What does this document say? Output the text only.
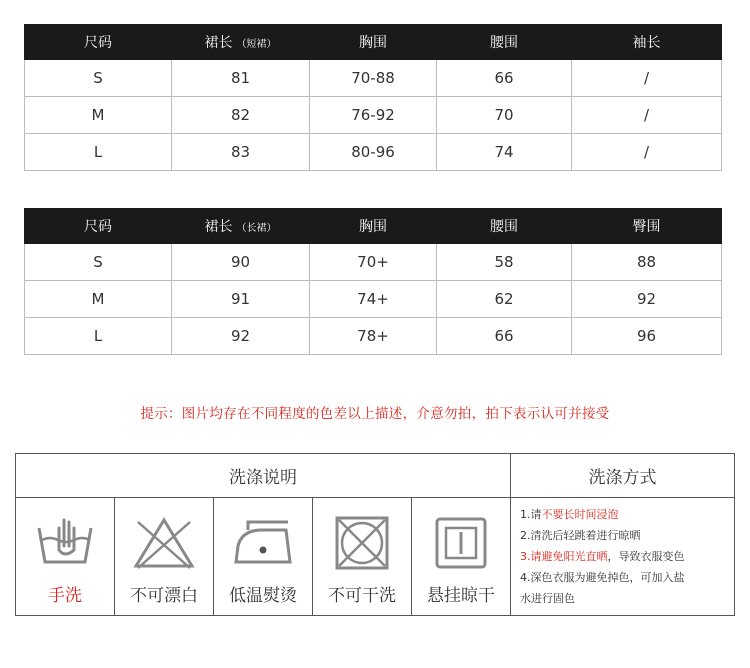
尺码	裙长 （短裙）	胸围	腰围	袖长
S	81	70-88	66	/
M	82	76-92	70	/
L	83	80-96	74	/
尺码	裙长 （长裙）	胸围	腰围	臀围
S	90	70+	58	88
M	91	74+	62	92
L	92	78+	66	96
提示：图片均存在不同程度的色差以上描述，介意勿拍，拍下表示认可并接受
洗涤说明	洗涤方式
手洗	不可漂白	低温熨烫	不可干洗	悬挂晾干
1.请不要长时间浸泡
2.清洗后轻跳着进行晾晒
3.请避免阳光直晒，导致衣服变色
4.深色衣服为避免掉色，可加入盐
水进行固色
